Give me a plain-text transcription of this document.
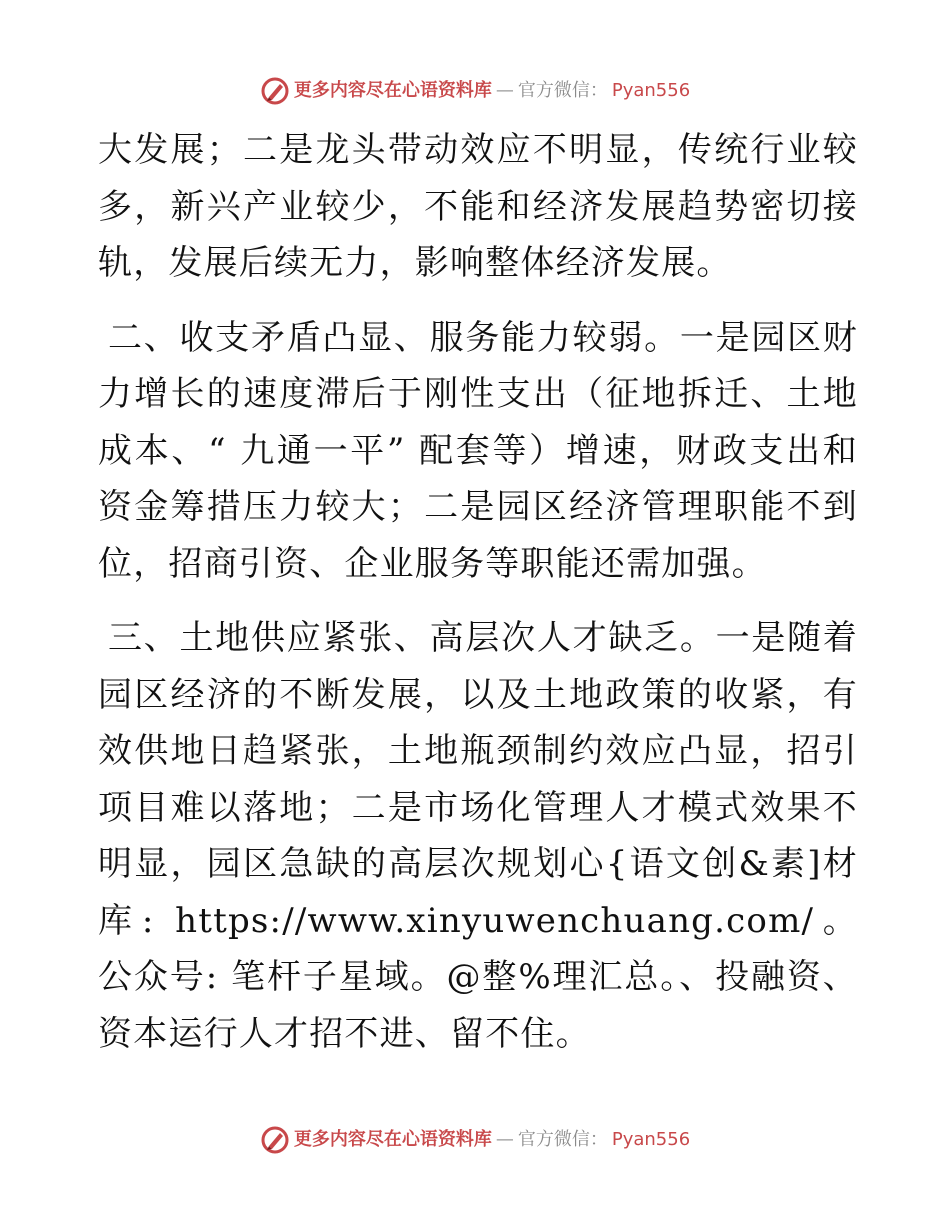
更多内容尽在心语资料库 — 官方微信： Pyan556

大发展；二是龙头带动效应不明显，传统行业较多，新兴产业较少，不能和经济发展趋势密切接轨，发展后续无力，影响整体经济发展。

二、收支矛盾凸显、服务能力较弱。一是园区财力增长的速度滞后于刚性支出（征地拆迁、土地成本、“ 九通一平” 配套等）增速，财政支出和资金筹措压力较大；二是园区经济管理职能不到位，招商引资、企业服务等职能还需加强。

三、土地供应紧张、高层次人才缺乏。一是随着园区经济的不断发展，以及土地政策的收紧，有效供地日趋紧张，土地瓶颈制约效应凸显，招引项目难以落地；二是市场化管理人才模式效果不明显，园区急缺的高层次规划心{语文创&素]材库: https://www.xinyuwenchuang.com/。公众号: 笔杆子星域。@整%理汇总。、投融资、资本运行人才招不进、留不住。

更多内容尽在心语资料库 — 官方微信： Pyan556
